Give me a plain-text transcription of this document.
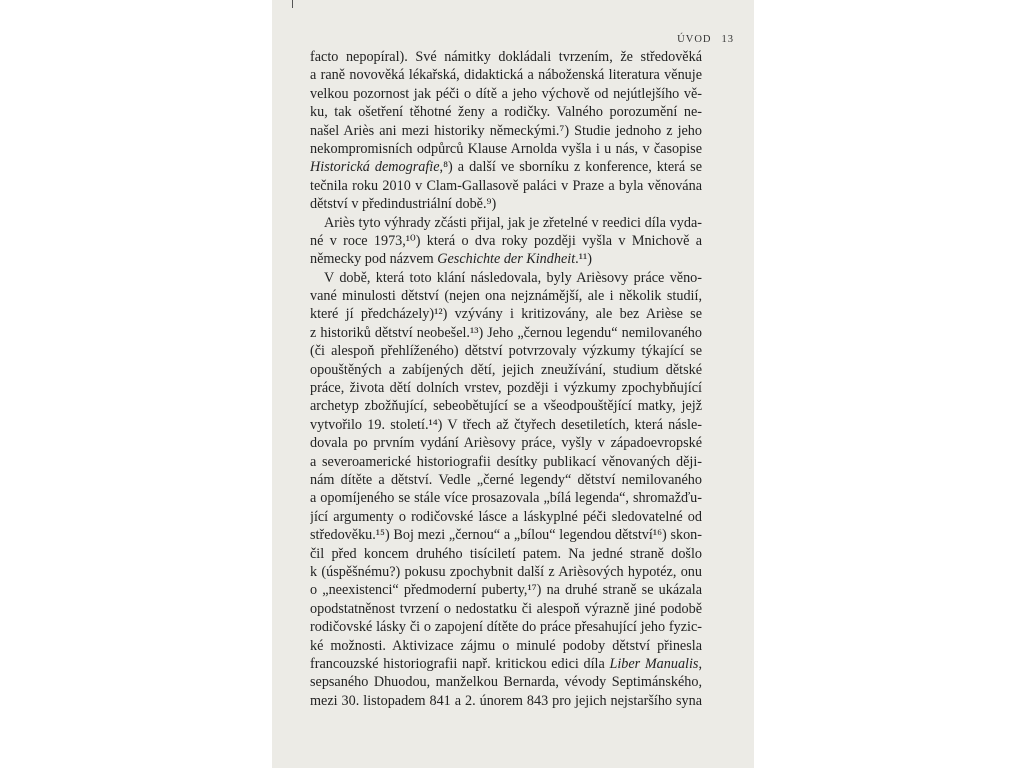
ÚVOD 13
facto nepopíral). Své námitky dokládali tvrzením, že středověká
a raně novověká lékařská, didaktická a náboženská literatura věnuje
velkou pozornost jak péči o dítě a jeho výchově od nejútlejšího vě-
ku, tak ošetření těhotné ženy a rodičky. Valného porozumění ne-
našel Ariès ani mezi historiky německými.⁷) Studie jednoho z jeho
nekompromisních odpůrců Klause Arnolda vyšla i u nás, v časopise
Historická demografie,⁸) a další ve sborníku z konference, která se
tečnila roku 2010 v Clam-Gallasově paláci v Praze a byla věnována
dětství v předindustriální době.⁹)
Ariès tyto výhrady zčásti přijal, jak je zřetelné v reedici díla vydа-
né v roce 1973,¹⁰) která o dva roky později vyšla v Mnichově a
německy pod názvem Geschichte der Kindheit.¹¹)
V době, která toto klání následovala, byly Arièsovy práce věno-
vané minulosti dětství (nejen ona nejznámější, ale i několik studií,
které jí předcházely)¹²) vzývány i kritizovány, ale bez Arièse se
z historiků dětství neobešel.¹³) Jeho „černou legendu“ nemilovaného
(či alespoň přehlíženého) dětství potvrzovaly výzkumy týkající se
opouštěných a zabíjených dětí, jejich zneužívání, studium dětské
práce, života dětí dolních vrstev, později i výzkumy zpochybňující
archetyp zbožňující, sebeobětující se a všeodpouštějící matky, jejž
vytvořilo 19. století.¹⁴) V třech až čtyřech desetiletích, která násle-
dovala po prvním vydání Arièsovy práce, vyšly v západoevropské
a severoamerické historiografii desítky publikací věnovaných ději-
nám dítěte a dětství. Vedle „černé legendy“ dětství nemilovaného
a opomíjeného se stále více prosazovala „bílá legenda“, shromažďu-
jící argumenty o rodičovské lásce a láskyplné péči sledovatelné od
středověku.¹⁵) Boj mezi „černou“ a „bílou“ legendou dětství¹⁶) skon-
čil před koncem druhého tisíciletí patem. Na jedné straně došlo
k (úspěšnému?) pokusu zpochybnit další z Arièsových hypotéz, onu
o „neexistenci“ předmoderní puberty,¹⁷) na druhé straně se ukázala
opodstatněnost tvrzení o nedostatku či alespoň výrazně jiné podobě
rodičovské lásky či o zapojení dítěte do práce přesahující jeho fyzic-
ké možnosti. Aktivizace zájmu o minulé podoby dětství přinesla
francouzské historiografii např. kritickou edici díla Liber Manualis,
sepsaného Dhuodou, manželkou Bernarda, vévody Septimánského,
mezi 30. listopadem 841 a 2. únorem 843 pro jejich nejstaršího syna
